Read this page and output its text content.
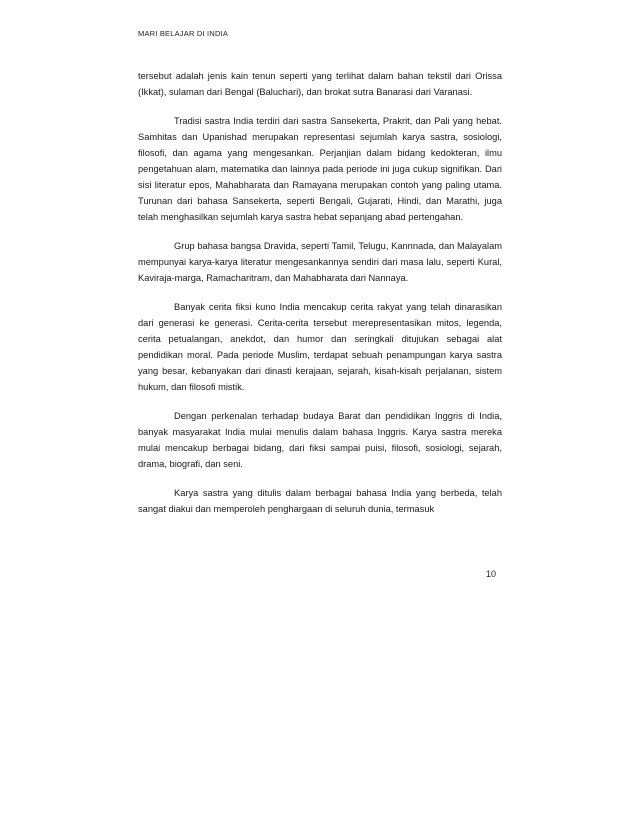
MARI BELAJAR DI INDIA

tersebut adalah jenis kain tenun seperti yang terlihat dalam bahan tekstil dari Orissa (Ikkat), sulaman dari Bengal (Baluchari), dan brokat sutra Banarasi dari Varanasi.

Tradisi sastra India terdiri dari sastra Sansekerta, Prakrit, dan Pali yang hebat. Samhitas dan Upanishad merupakan representasi sejumlah karya sastra, sosiologi, filosofi, dan agama yang mengesankan. Perjanjian dalam bidang kedokteran, ilmu pengetahuan alam, matematika dan lainnya pada periode ini juga cukup signifikan. Dari sisi literatur epos, Mahabharata dan Ramayana merupakan contoh yang paling utama. Turunan dari bahasa Sansekerta, seperti Bengali, Gujarati, Hindi, dan Marathi, juga telah menghasilkan sejumlah karya sastra hebat sepanjang abad pertengahan.

Grup bahasa bangsa Dravida, seperti Tamil, Telugu, Kannnada, dan Malayalam mempunyai karya-karya literatur mengesankannya sendiri dari masa lalu, seperti Kural, Kaviraja-marga, Ramacharitram, dan Mahabharata dari Nannaya.

Banyak cerita fiksi kuno India mencakup cerita rakyat yang telah dinarasikan dari generasi ke generasi. Cerita-cerita tersebut merepresentasikan mitos, legenda, cerita petualangan, anekdot, dan humor dan seringkali ditujukan sebagai alat pendidikan moral. Pada periode Muslim, terdapat sebuah penampungan karya sastra yang besar, kebanyakan dari dinasti kerajaan, sejarah, kisah-kisah perjalanan, sistem hukum, dan filosofi mistik.

Dengan perkenalan terhadap budaya Barat dan pendidikan Inggris di India, banyak masyarakat India mulai menulis dalam bahasa Inggris. Karya sastra mereka mulai mencakup berbagai bidang, dari fiksi sampai puisi, filosofi, sosiologi, sejarah, drama, biografi, dan seni.

Karya sastra yang ditulis dalam berbagai bahasa India yang berbeda, telah sangat diakui dan memperoleh penghargaan di seluruh dunia, termasuk

10
